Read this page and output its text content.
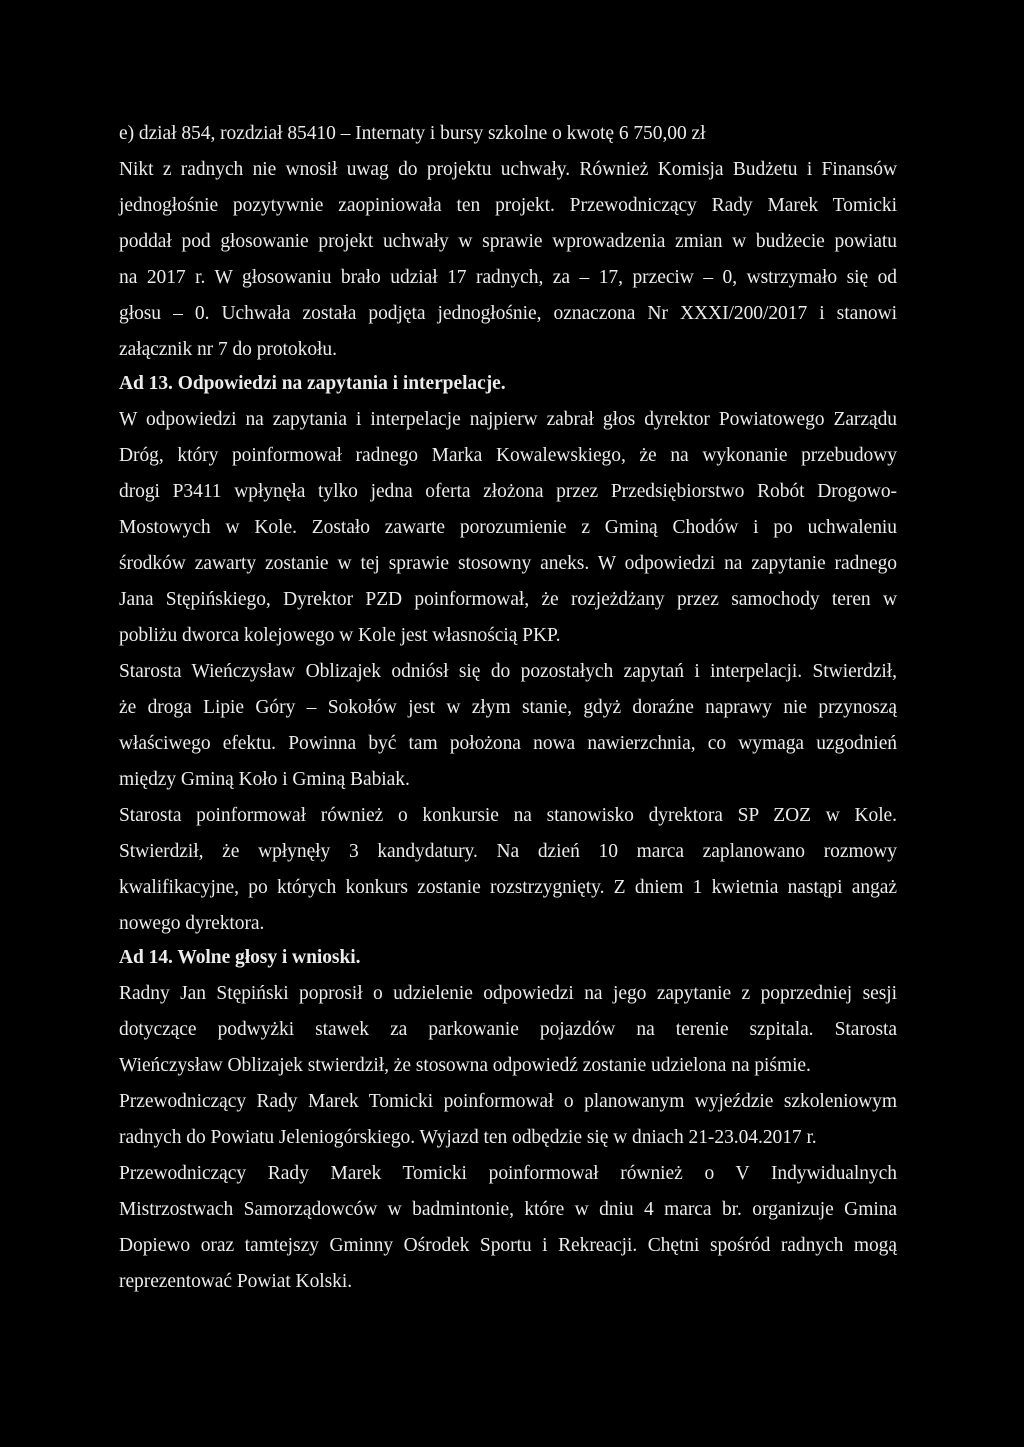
e) dział 854, rozdział 85410 – Internaty i bursy szkolne o kwotę 6 750,00 zł
Nikt z radnych nie wnosił uwag do projektu uchwały. Również Komisja Budżetu i Finansów
jednogłośnie pozytywnie zaopiniowała ten projekt. Przewodniczący Rady Marek Tomicki
poddał pod głosowanie projekt uchwały w sprawie wprowadzenia zmian w budżecie powiatu
na 2017 r. W głosowaniu brało udział 17 radnych, za – 17, przeciw – 0, wstrzymało się od
głosu – 0. Uchwała została podjęta jednogłośnie, oznaczona Nr XXXI/200/2017 i stanowi
załącznik nr 7 do protokołu.
Ad 13. Odpowiedzi na zapytania i interpelacje.
W odpowiedzi na zapytania i interpelacje najpierw zabrał głos dyrektor Powiatowego Zarządu
Dróg, który poinformował radnego Marka Kowalewskiego, że na wykonanie przebudowy
drogi P3411 wpłynęła tylko jedna oferta złożona przez Przedsiębiorstwo Robót Drogowo-
Mostowych w Kole. Zostało zawarte porozumienie z Gminą Chodów i po uchwaleniu
środków zawarty zostanie w tej sprawie stosowny aneks. W odpowiedzi na zapytanie radnego
Jana Stępińskiego, Dyrektor PZD poinformował, że rozjeżdżany przez samochody teren w
pobliżu dworca kolejowego w Kole jest własnością PKP.
Starosta Wieńczysław Oblizajek odniósł się do pozostałych zapytań i interpelacji. Stwierdził,
że droga Lipie Góry – Sokołów jest w złym stanie, gdyż doraźne naprawy nie przynoszą
właściwego efektu. Powinna być tam położona nowa nawierzchnia, co wymaga uzgodnień
między Gminą Koło i Gminą Babiak.
Starosta poinformował również o konkursie na stanowisko dyrektora SP ZOZ w Kole.
Stwierdził, że wpłynęły 3 kandydatury. Na dzień 10 marca zaplanowano rozmowy
kwalifikacyjne, po których konkurs zostanie rozstrzygnięty. Z dniem 1 kwietnia nastąpi angaż
nowego dyrektora.
Ad 14. Wolne głosy i wnioski.
Radny Jan Stępiński poprosił o udzielenie odpowiedzi na jego zapytanie z poprzedniej sesji
dotyczące podwyżki stawek za parkowanie pojazdów na terenie szpitala. Starosta
Wieńczysław Oblizajek stwierdził, że stosowna odpowiedź zostanie udzielona na piśmie.
Przewodniczący Rady Marek Tomicki poinformował o planowanym wyjeździe szkoleniowym
radnych do Powiatu Jeleniogórskiego. Wyjazd ten odbędzie się w dniach 21-23.04.2017 r.
Przewodniczący Rady Marek Tomicki poinformował również o V Indywidualnych
Mistrzostwach Samorządowców w badmintonie, które w dniu 4 marca br. organizuje Gmina
Dopiewo oraz tamtejszy Gminny Ośrodek Sportu i Rekreacji. Chętni spośród radnych mogą
reprezentować Powiat Kolski.
